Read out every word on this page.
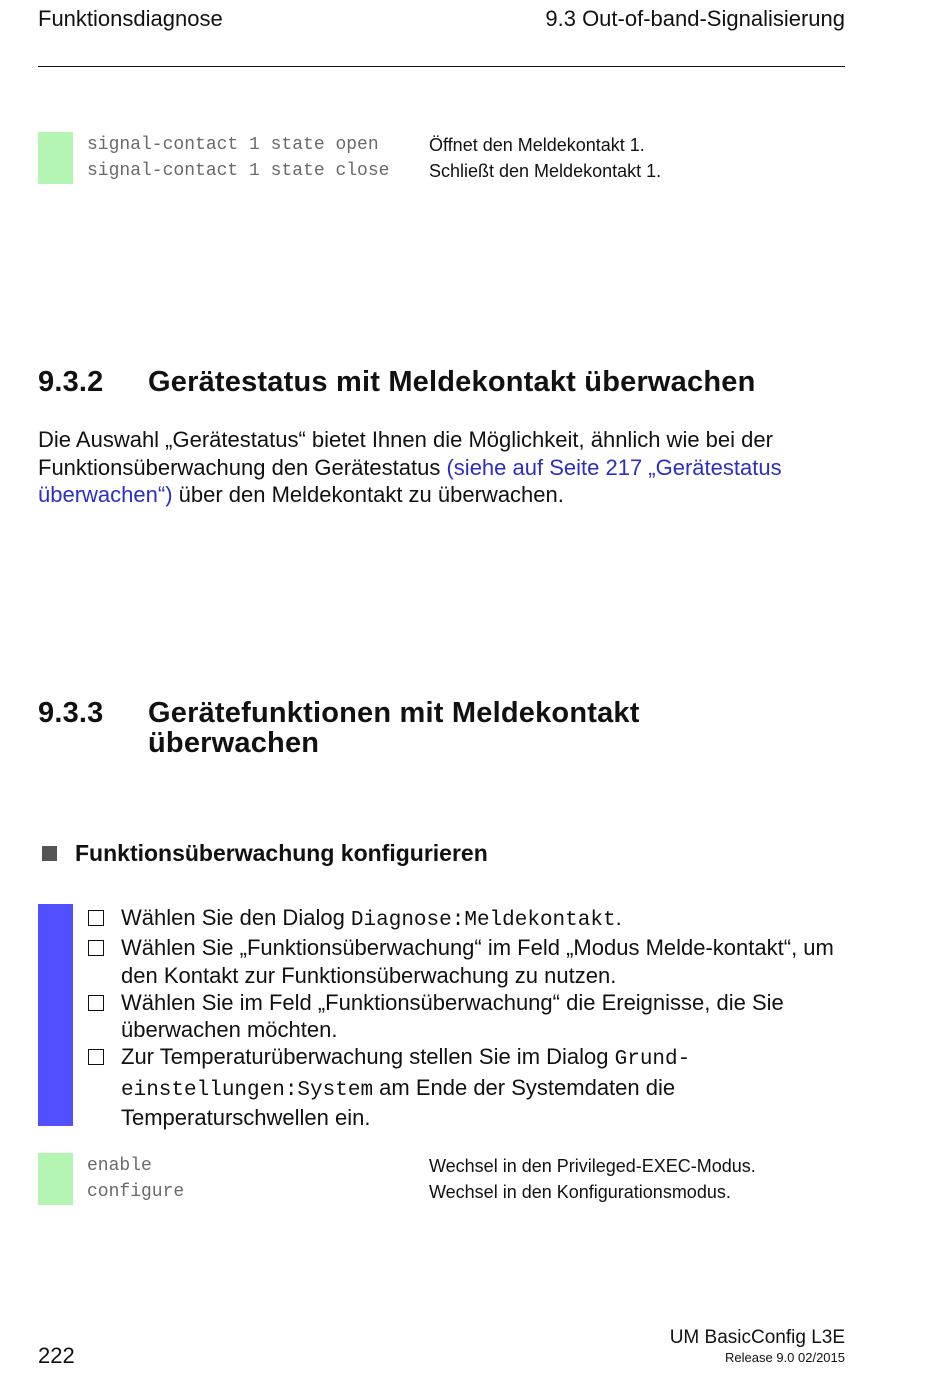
Funktionsdiagnose	9.3 Out-of-band-Signalisierung
signal-contact 1 state open	Öffnet den Meldekontakt 1.
signal-contact 1 state close	Schließt den Meldekontakt 1.
9.3.2 Gerätestatus mit Meldekontakt überwachen
Die Auswahl „Gerätestatus“ bietet Ihnen die Möglichkeit, ähnlich wie bei der Funktionsüberwachung den Gerätestatus (siehe auf Seite 217 „Gerätestatus überwachen“) über den Meldekontakt zu überwachen.
9.3.3 Gerätefunktionen mit Meldekontakt
überwachen
Funktionsüberwachung konfigurieren
Wählen Sie den Dialog Diagnose:Meldekontakt.
Wählen Sie „Funktionsüberwachung“ im Feld „Modus Melde-kontakt“, um den Kontakt zur Funktionsüberwachung zu nutzen.
Wählen Sie im Feld „Funktionsüberwachung“ die Ereignisse, die Sie überwachen möchten.
Zur Temperaturüberwachung stellen Sie im Dialog Grund-einstellungen:System am Ende der Systemdaten die Temperaturschwellen ein.
enable	Wechsel in den Privileged-EXEC-Modus.
configure	Wechsel in den Konfigurationsmodus.
222
UM BasicConfig L3E
Release 9.0 02/2015
